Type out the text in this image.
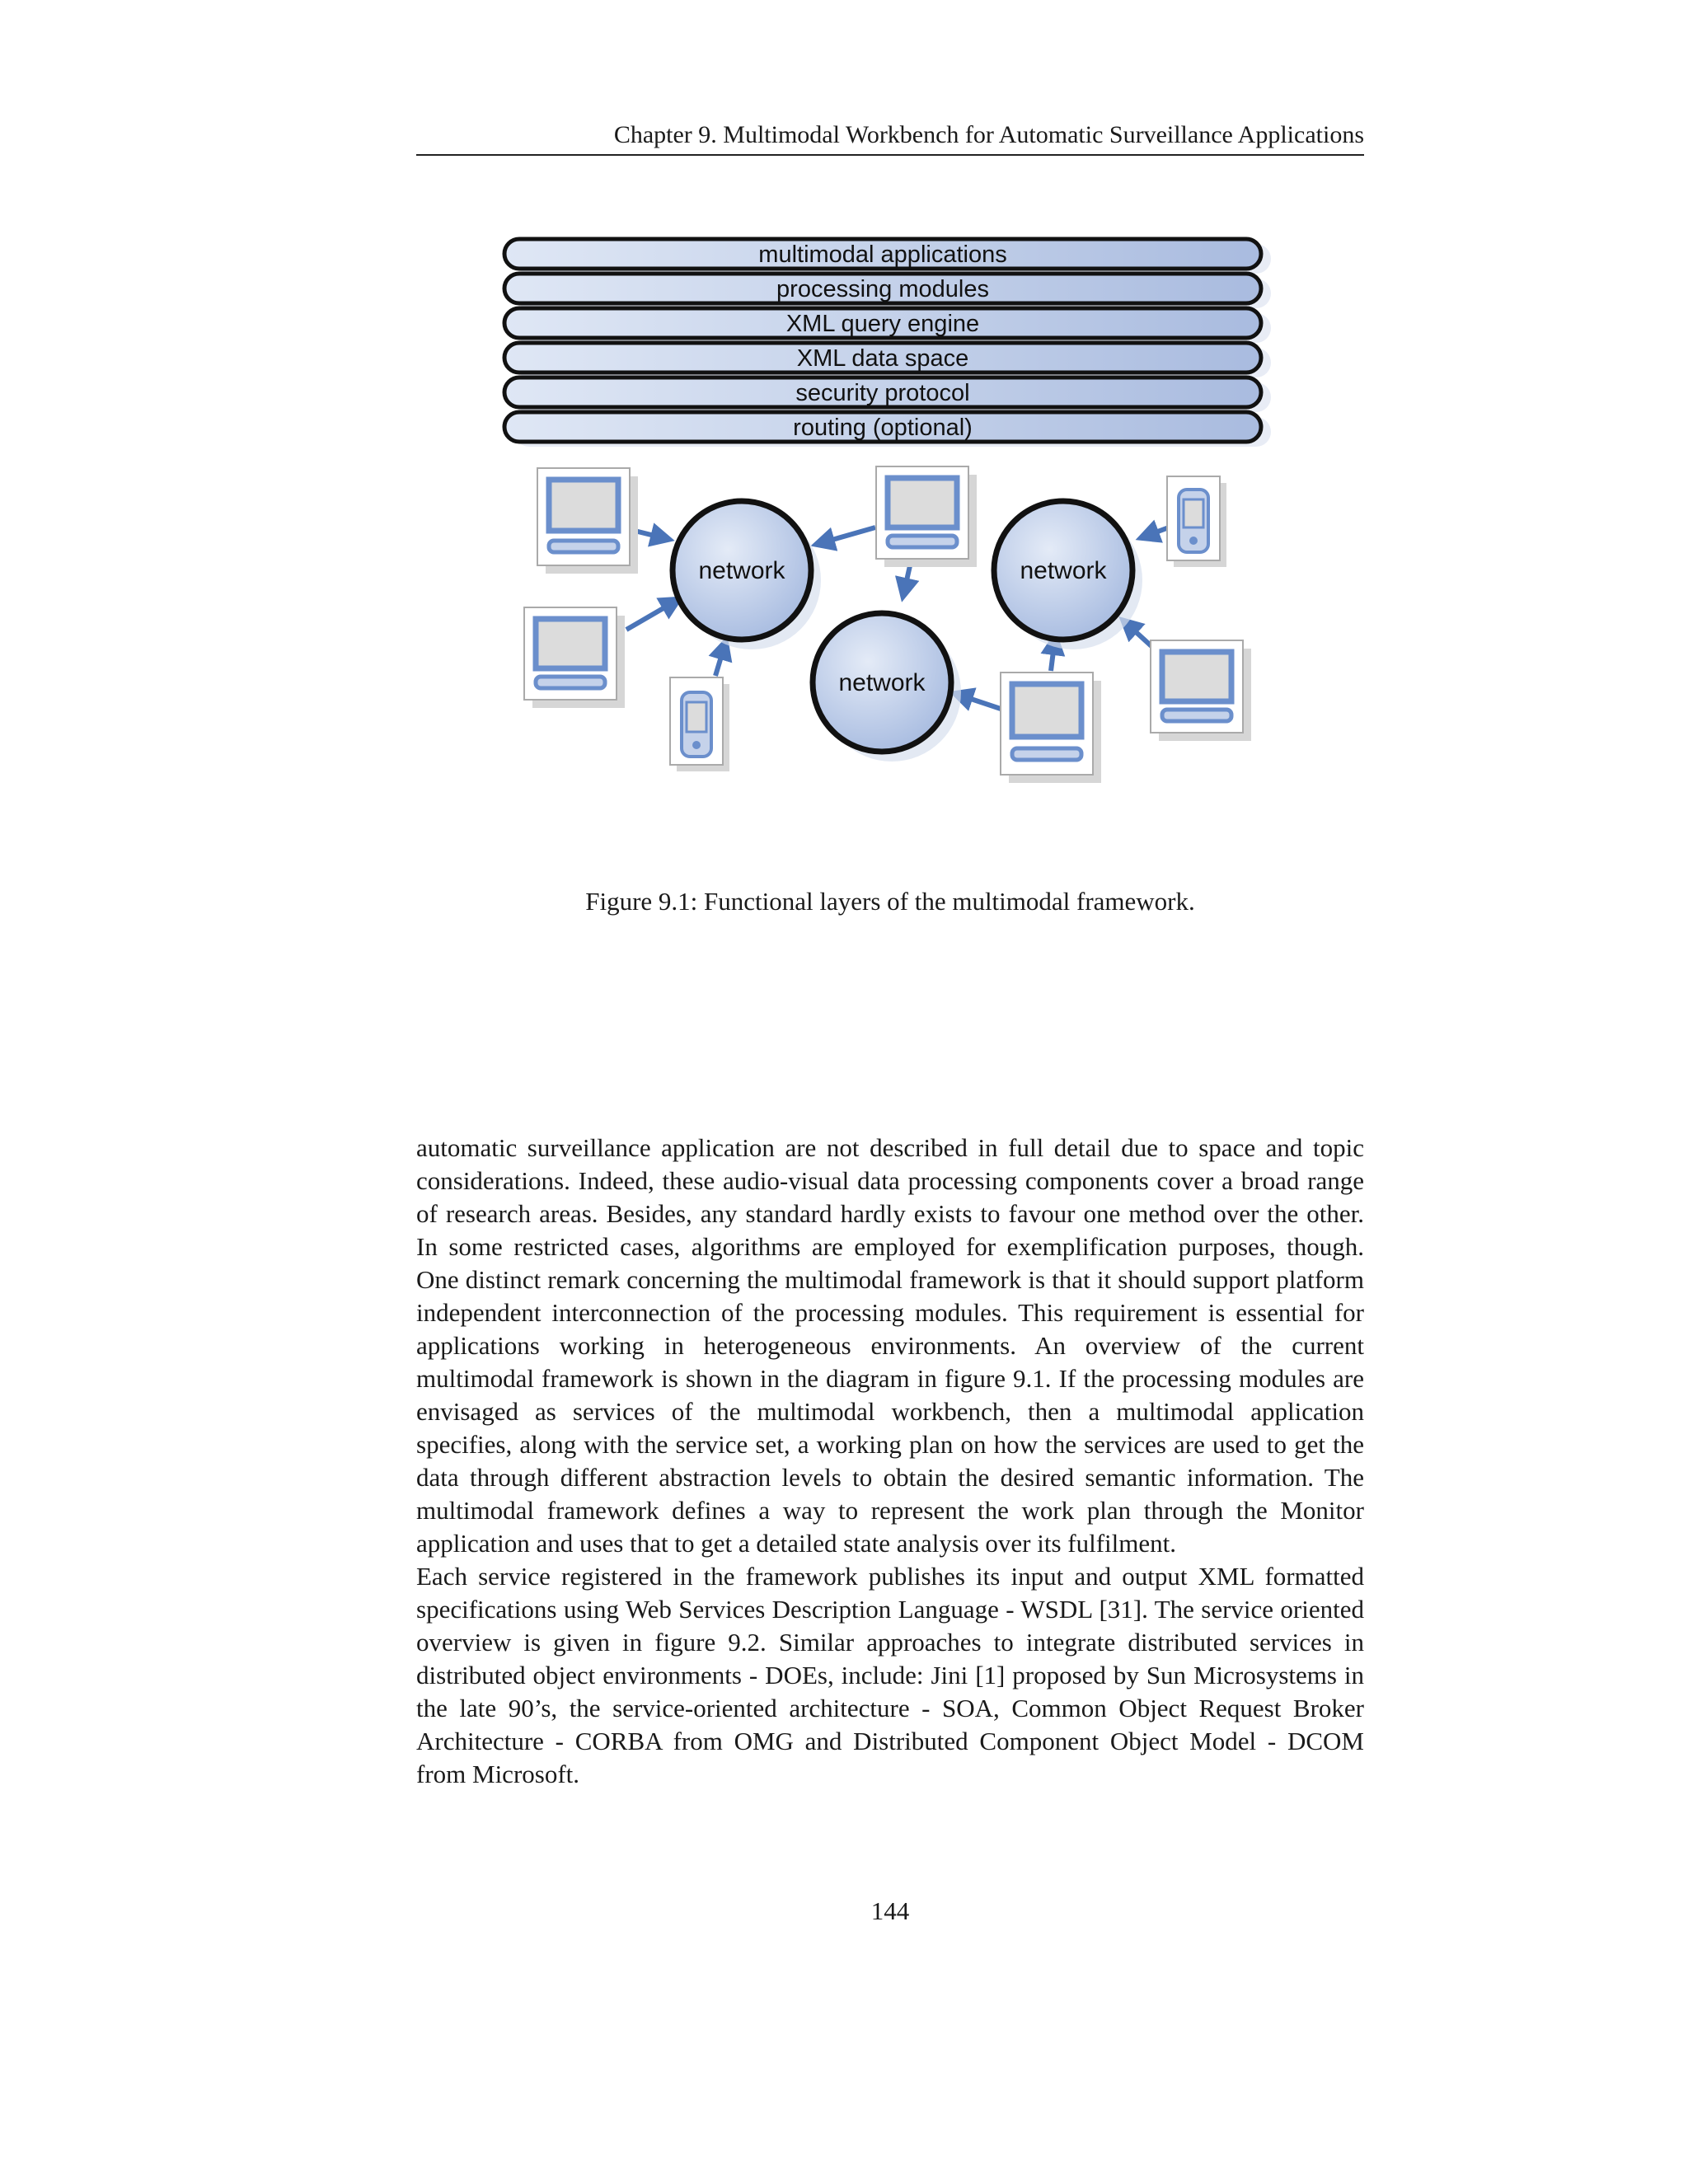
Chapter 9. Multimodal Workbench for Automatic Surveillance Applications
multimodal applications
processing modules
XML query engine
XML data space
security protocol
routing (optional)
network
network
network
Figure 9.1: Functional layers of the multimodal framework.

automatic surveillance application are not described in full detail due to space and topic considerations. Indeed, these audio-visual data processing components cover a broad range of research areas. Besides, any standard hardly exists to favour one method over the other. In some restricted cases, algorithms are employed for exemplification purposes, though. One distinct remark concerning the multimodal framework is that it should support platform independent interconnection of the processing modules. This requirement is essential for applications working in heterogeneous environments. An overview of the current multimodal framework is shown in the diagram in figure 9.1. If the processing modules are envisaged as services of the multimodal workbench, then a multimodal application specifies, along with the service set, a working plan on how the services are used to get the data through different abstraction levels to obtain the desired semantic information. The multimodal framework defines a way to represent the work plan through the Monitor application and uses that to get a detailed state analysis over its fulfilment.

Each service registered in the framework publishes its input and output XML formatted specifications using Web Services Description Language - WSDL [31]. The service oriented overview is given in figure 9.2. Similar approaches to integrate distributed services in distributed object environments - DOEs, include: Jini [1] proposed by Sun Microsystems in the late 90’s, the service-oriented architecture - SOA, Common Object Request Broker Architecture - CORBA from OMG and Distributed Component Object Model - DCOM from Microsoft.

144
